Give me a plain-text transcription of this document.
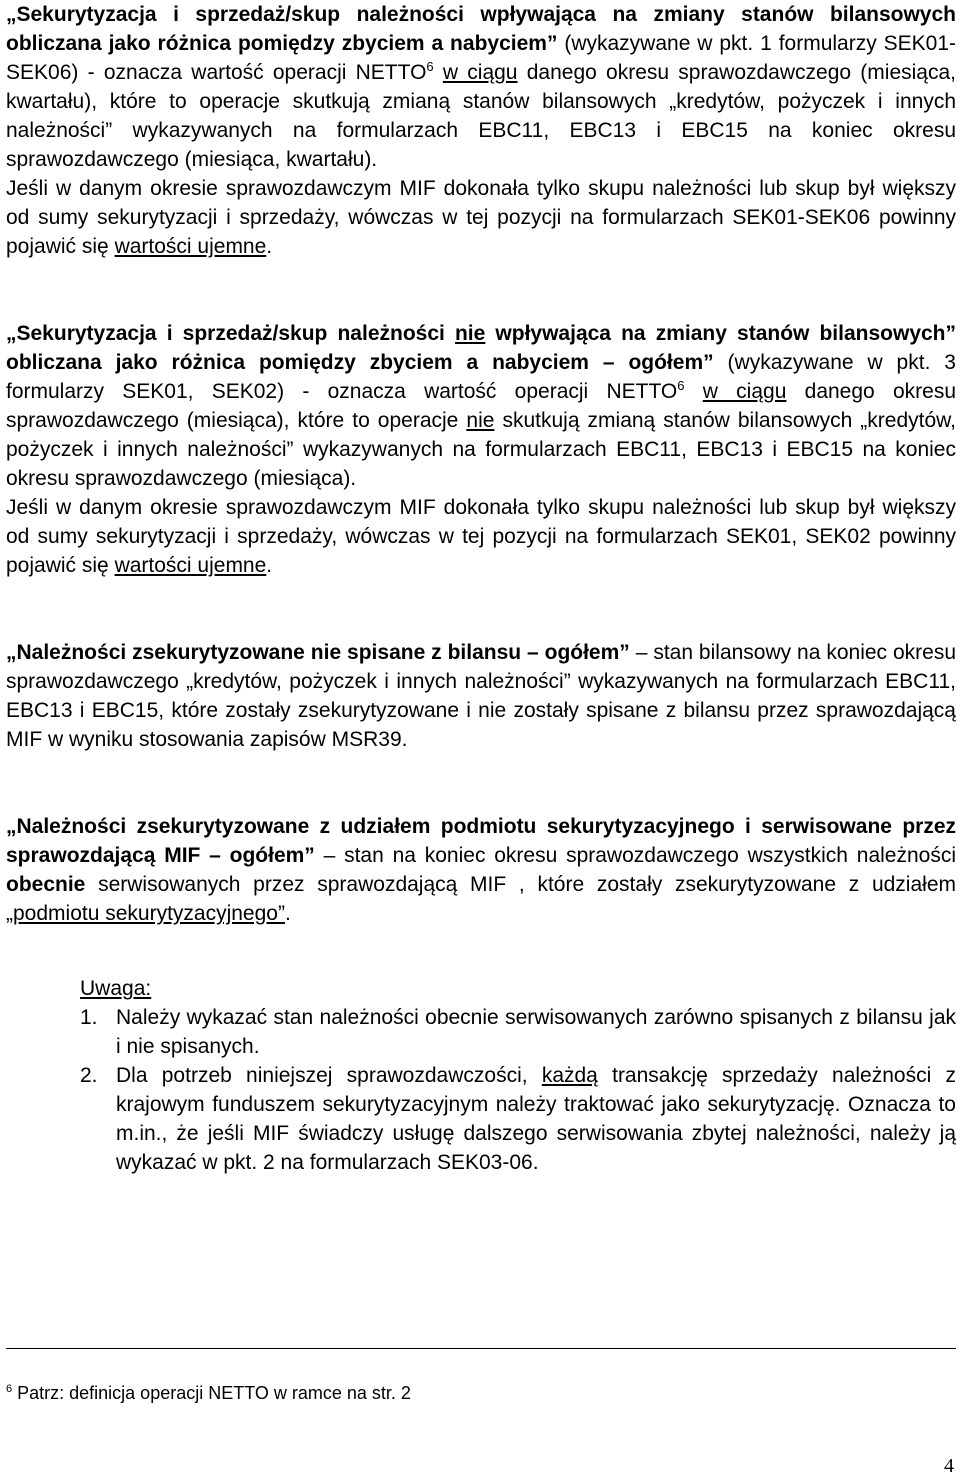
„Sekurytyzacja i sprzedaż/skup należności wpływająca na zmiany stanów bilansowych obliczana jako różnica pomiędzy zbyciem a nabyciem” (wykazywane w pkt. 1 formularzy SEK01-SEK06) - oznacza wartość operacji NETTO$^6$ w ciągu danego okresu sprawozdawczego (miesiąca, kwartału), które to operacje skutkują zmianą stanów bilansowych „kredytów, pożyczek i innych należności” wykazywanych na formularzach EBC11, EBC13 i EBC15 na koniec okresu sprawozdawczego (miesiąca, kwartału).

Jeśli w danym okresie sprawozdawczym MIF dokonała tylko skupu należności lub skup był większy od sumy sekurytyzacji i sprzedaży, wówczas w tej pozycji na formularzach SEK01-SEK06 powinny pojawić się wartości ujemne.

„Sekurytyzacja i sprzedaż/skup należności nie wpływająca na zmiany stanów bilansowych” obliczana jako różnica pomiędzy zbyciem a nabyciem – ogółem” (wykazywane w pkt. 3 formularzy SEK01, SEK02) - oznacza wartość operacji NETTO$^6$ w ciągu danego okresu sprawozdawczego (miesiąca), które to operacje nie skutkują zmianą stanów bilansowych „kredytów, pożyczek i innych należności” wykazywanych na formularzach EBC11, EBC13 i EBC15 na koniec okresu sprawozdawczego (miesiąca).

Jeśli w danym okresie sprawozdawczym MIF dokonała tylko skupu należności lub skup był większy od sumy sekurytyzacji i sprzedaży, wówczas w tej pozycji na formularzach SEK01, SEK02 powinny pojawić się wartości ujemne.

„Należności zsekurytyzowane nie spisane z bilansu – ogółem” – stan bilansowy na koniec okresu sprawozdawczego „kredytów, pożyczek i innych należności” wykazywanych na formularzach EBC11, EBC13 i EBC15, które zostały zsekurytyzowane i nie zostały spisane z bilansu przez sprawozdającą MIF w wyniku stosowania zapisów MSR39.

„Należności zsekurytyzowane z udziałem podmiotu sekurytyzacyjnego i serwisowane przez sprawozdającą MIF – ogółem” – stan na koniec okresu sprawozdawczego wszystkich należności obecnie serwisowanych przez sprawozdającą MIF , które zostały zsekurytyzowane z udziałem „podmiotu sekurytyzacyjnego”.

Uwaga:
1. Należy wykazać stan należności obecnie serwisowanych zarówno spisanych z bilansu jak i nie spisanych.
2. Dla potrzeb niniejszej sprawozdawczości, każdą transakcję sprzedaży należności z krajowym funduszem sekurytyzacyjnym należy traktować jako sekurytyzację. Oznacza to m.in., że jeśli MIF świadczy usługę dalszego serwisowania zbytej należności, należy ją wykazać w pkt. 2 na formularzach SEK03-06.
$^6$ Patrz: definicja operacji NETTO w ramce na str. 2
4
